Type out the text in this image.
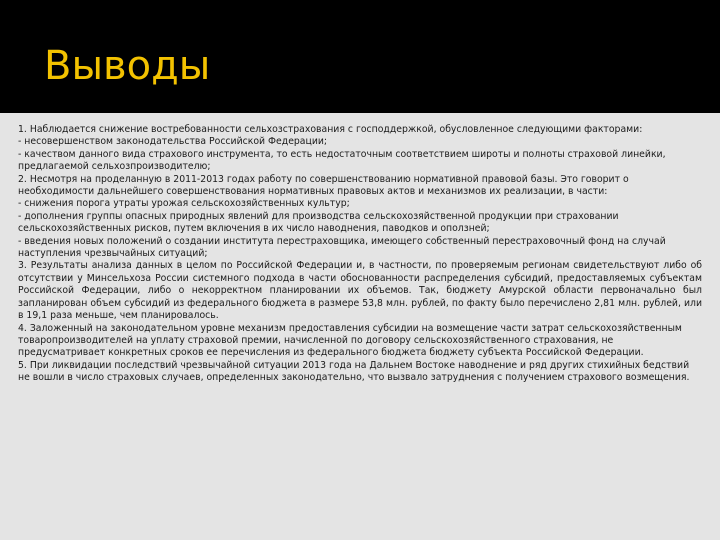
Выводы

1. Наблюдается снижение востребованности сельхозстрахования с господдержкой, обусловленное следующими факторами:

- несовершенством законодательства Российской Федерации;

- качеством данного вида страхового инструмента, то есть недостаточным соответствием широты и полноты страховой линейки, предлагаемой сельхозпроизводителю;

2. Несмотря на проделанную в 2011-2013 годах работу по совершенствованию нормативной правовой базы. Это говорит о необходимости дальнейшего совершенствования нормативных правовых актов и механизмов их реализации, в части:

- снижения порога утраты урожая сельскохозяйственных культур;

- дополнения группы опасных природных явлений для производства сельскохозяйственной продукции при страховании сельскохозяйственных рисков, путем включения в их число наводнения, паводков и оползней;

- введения новых положений о создании института перестраховщика, имеющего собственный перестраховочный фонд на случай наступления чрезвычайных ситуаций;

3. Результаты анализа данных в целом по Российской Федерации и, в частности, по проверяемым регионам свидетельствуют либо об отсутствии у Минсельхоза России системного подхода в части обоснованности распределения субсидий, предоставляемых субъектам Российской Федерации, либо о некорректном планировании их объемов. Так, бюджету Амурской области первоначально был запланирован объем субсидий из федерального бюджета в размере 53,8 млн. рублей, по факту было перечислено 2,81 млн. рублей, или в 19,1 раза меньше, чем планировалось.

4. Заложенный на законодательном уровне механизм предоставления субсидии на возмещение части затрат сельскохозяйственным товаропроизводителей на уплату страховой премии, начисленной по договору сельскохозяйственного страхования, не предусматривает конкретных сроков ее перечисления из федерального бюджета бюджету субъекта Российской Федерации.

5. При ликвидации последствий чрезвычайной ситуации 2013 года на Дальнем Востоке наводнение и ряд других стихийных бедствий не вошли в число страховых случаев, определенных законодательно, что вызвало затруднения с получением страхового возмещения.
